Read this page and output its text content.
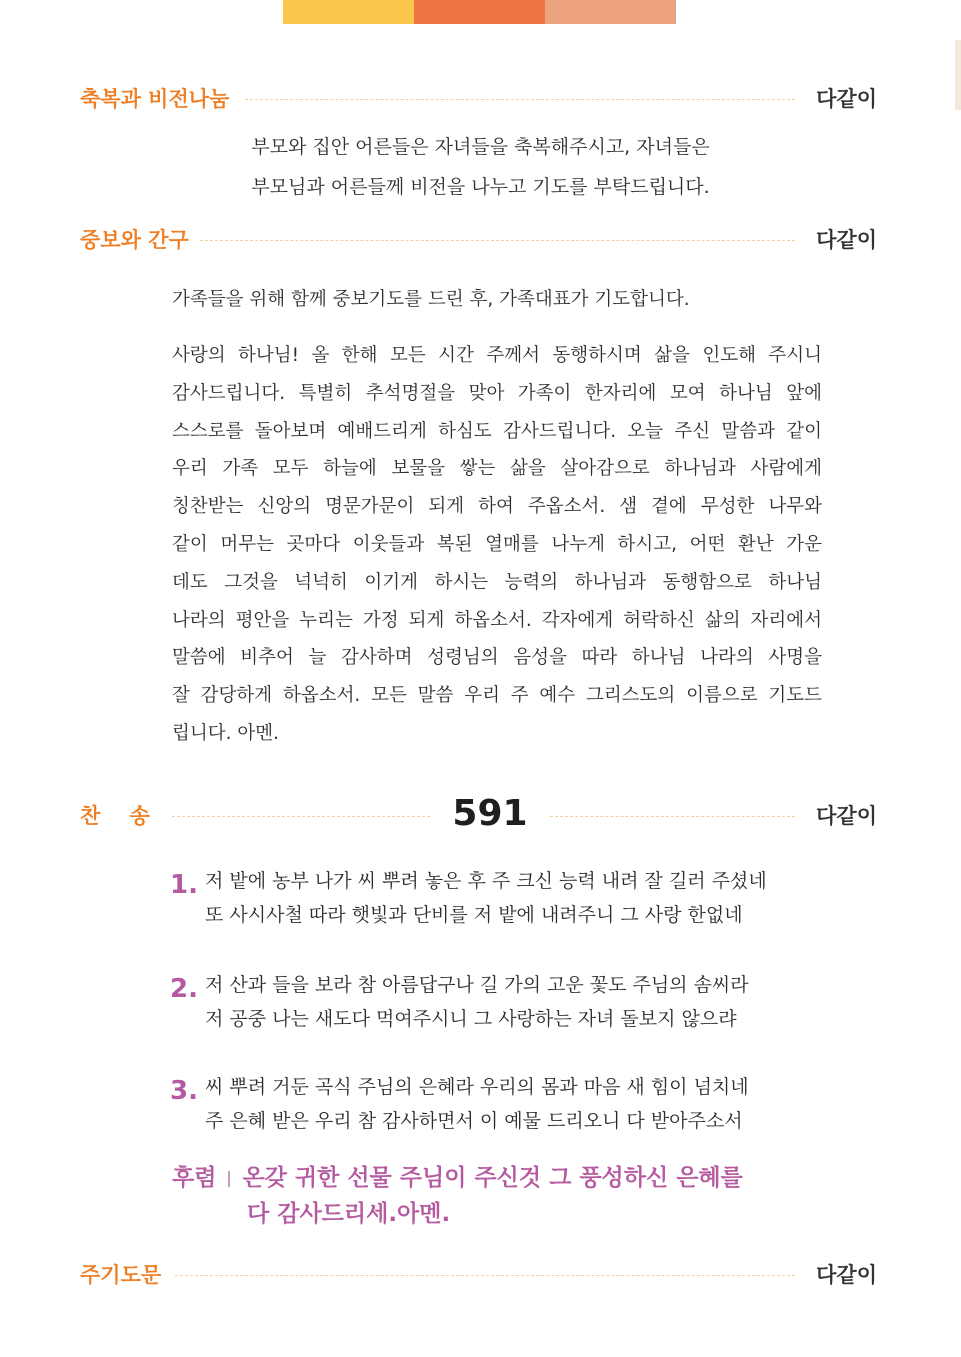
축복과 비전나눔	다같이
부모와 집안 어른들은 자녀들을 축복해주시고, 자녀들은
부모님과 어른들께 비전을 나누고 기도를 부탁드립니다.
중보와 간구	다같이

가족들을 위해 함께 중보기도를 드린 후, 가족대표가 기도합니다.

사랑의 하나님! 올 한해 모든 시간 주께서 동행하시며 삶을 인도해 주시니
감사드립니다. 특별히 추석명절을 맞아 가족이 한자리에 모여 하나님 앞에
스스로를 돌아보며 예배드리게 하심도 감사드립니다. 오늘 주신 말씀과 같이
우리 가족 모두 하늘에 보물을 쌓는 삶을 살아감으로 하나님과 사람에게
칭찬받는 신앙의 명문가문이 되게 하여 주옵소서. 샘 곁에 무성한 나무와
같이 머무는 곳마다 이웃들과 복된 열매를 나누게 하시고, 어떤 환난 가운
데도 그것을 넉넉히 이기게 하시는 능력의 하나님과 동행함으로 하나님
나라의 평안을 누리는 가정 되게 하옵소서. 각자에게 허락하신 삶의 자리에서
말씀에 비추어 늘 감사하며 성령님의 음성을 따라 하나님 나라의 사명을
잘 감당하게 하옵소서. 모든 말씀 우리 주 예수 그리스도의 이름으로 기도드
립니다. 아멘.
찬    송	다같이
591
1. 저 밭에 농부 나가 씨 뿌려 놓은 후 주 크신 능력 내려 잘 길러 주셨네
또 사시사철 따라 햇빛과 단비를 저 밭에 내려주니 그 사랑 한없네
2. 저 산과 들을 보라 참 아름답구나 길 가의 고운 꽃도 주님의 솜씨라
저 공중 나는 새도다 먹여주시니 그 사랑하는 자녀 돌보지 않으랴
3. 씨 뿌려 거둔 곡식 주님의 은혜라 우리의 몸과 마음 새 힘이 넘치네
주 은혜 받은 우리 참 감사하면서 이 예물 드리오니 다 받아주소서
후렴 온갖 귀한 선물 주님이 주신것 그 풍성하신 은혜를
다 감사드리세.아멘.
주기도문	다같이
